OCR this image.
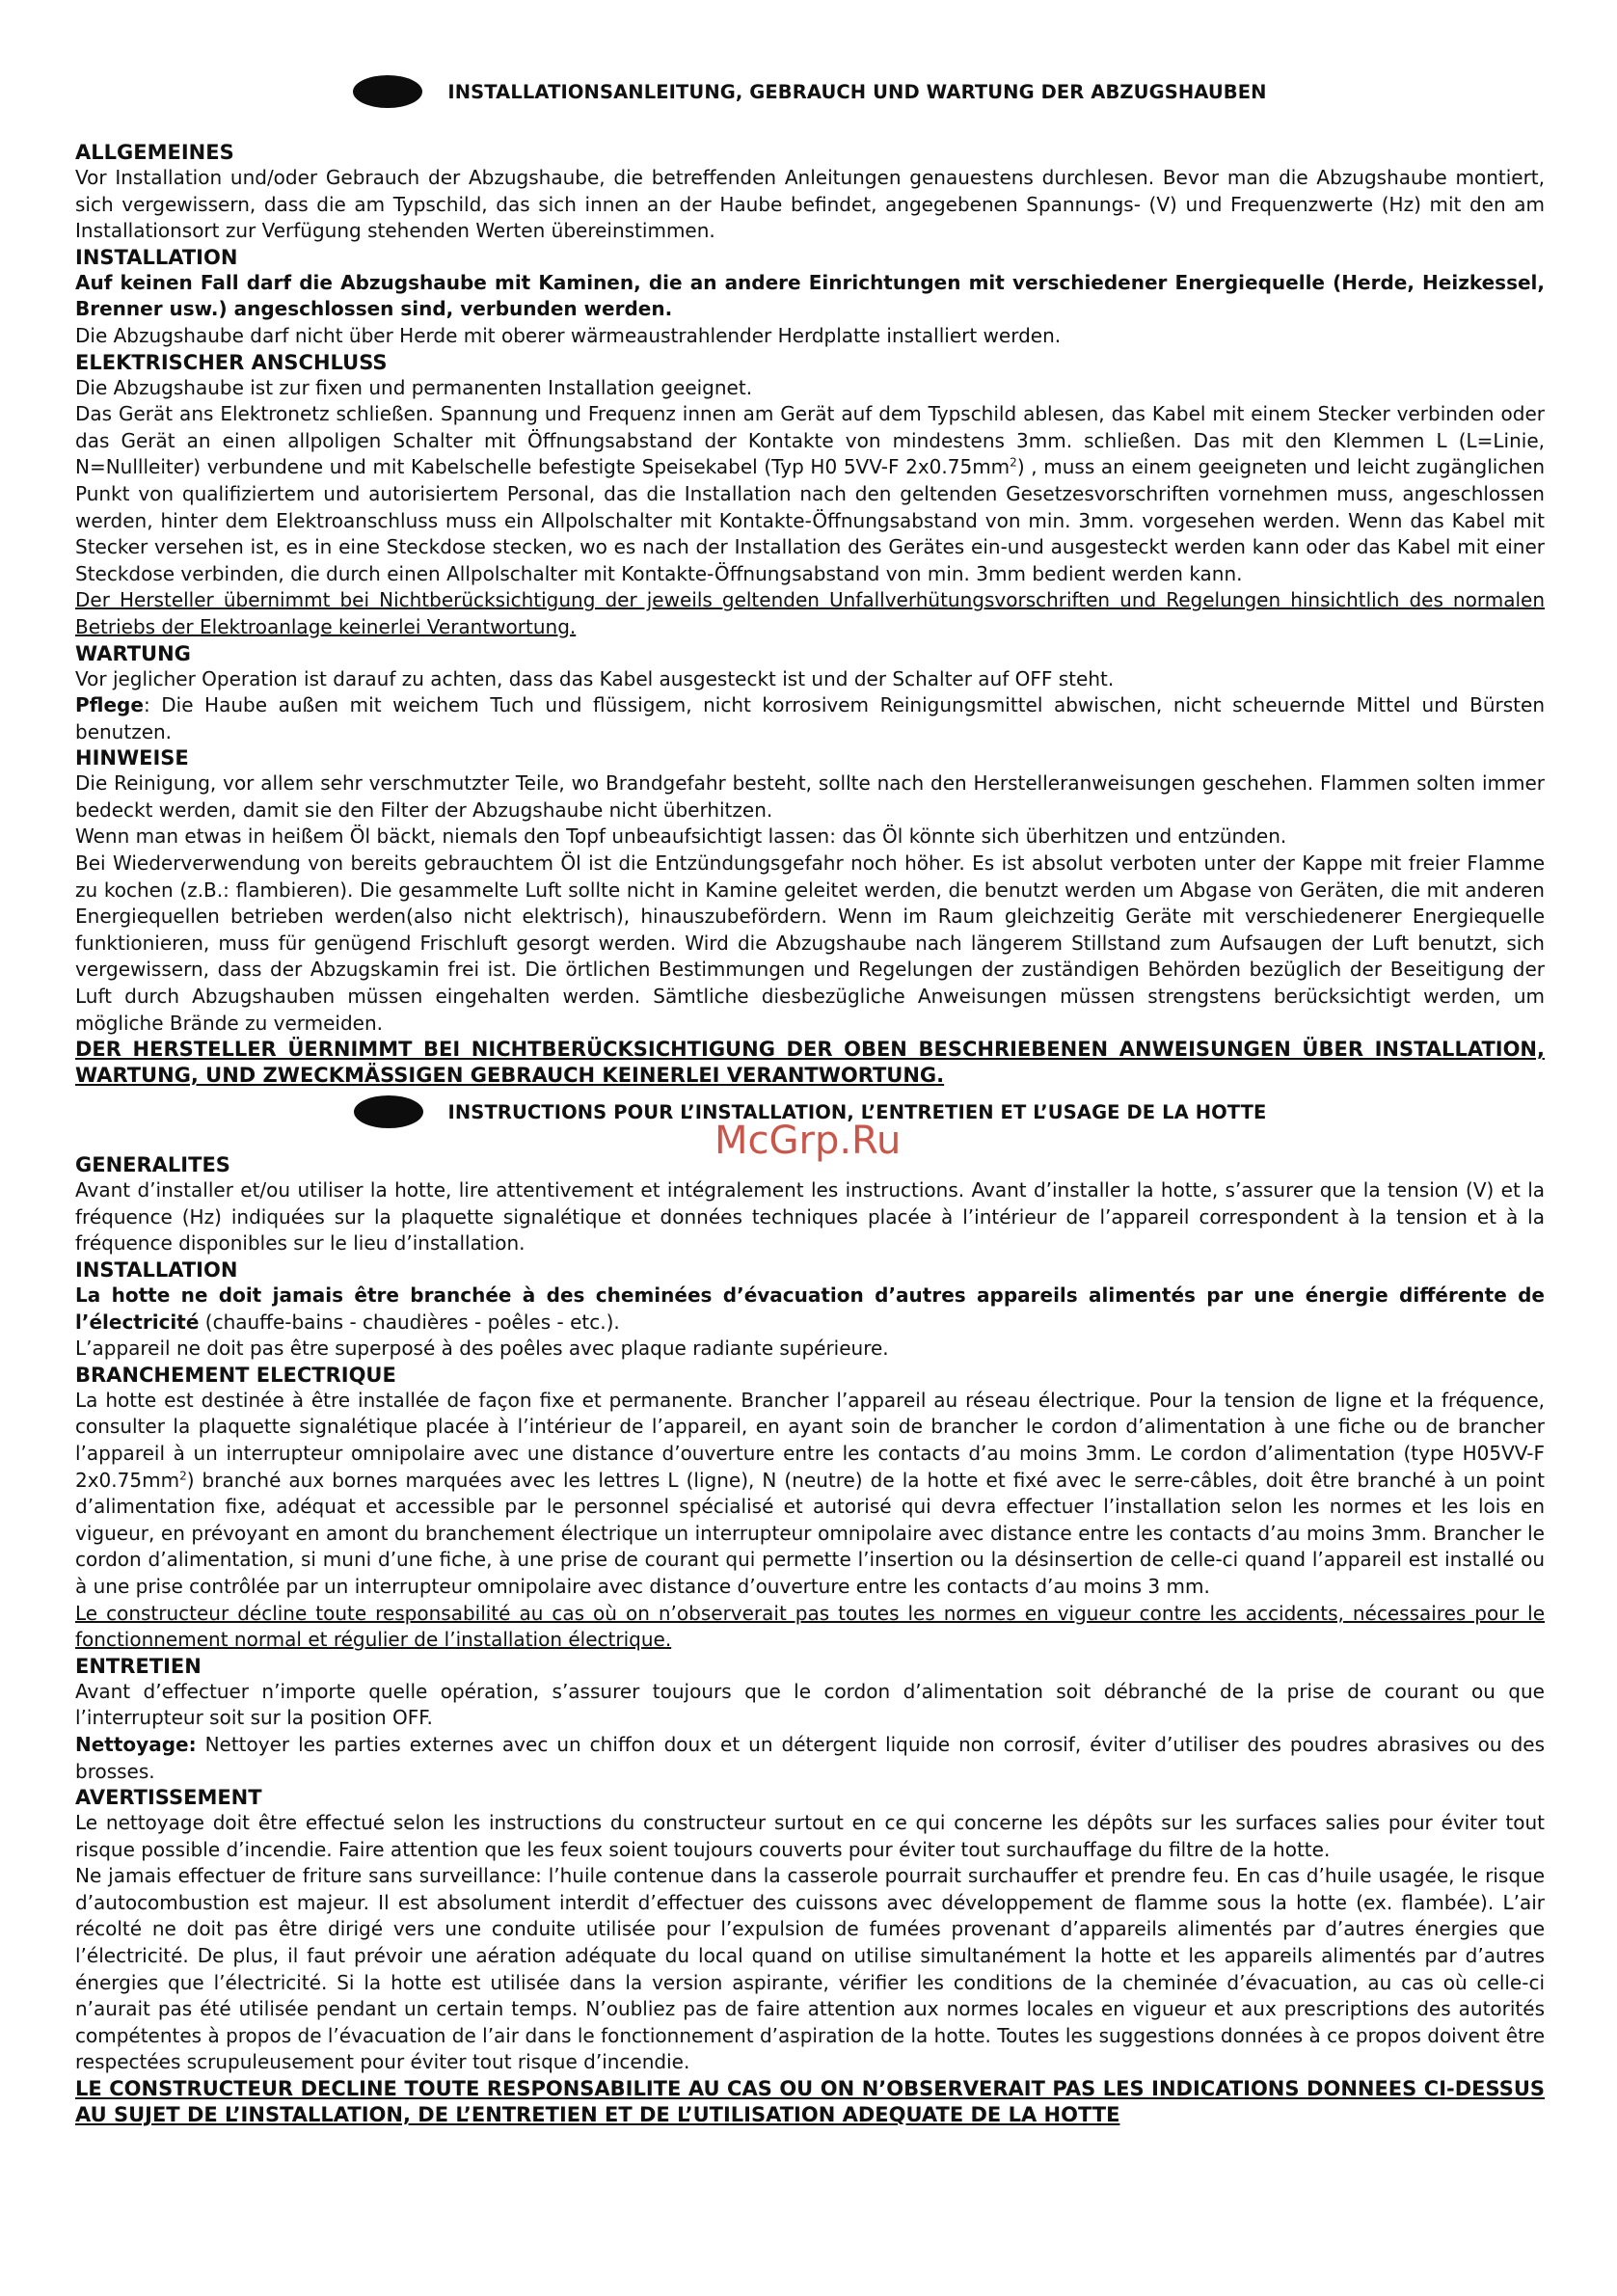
INSTALLATIONSANLEITUNG, GEBRAUCH UND WARTUNG DER ABZUGSHAUBEN
ALLGEMEINES

Vor Installation und/oder Gebrauch der Abzugshaube, die betreffenden Anleitungen genauestens durchlesen. Bevor man die Abzugshaube montiert, sich vergewissern, dass die am Typschild, das sich innen an der Haube befindet, angegebenen Spannungs- (V) und Frequenzwerte (Hz) mit den am Installationsort zur Verfügung stehenden Werten übereinstimmen.

INSTALLATION

Auf keinen Fall darf die Abzugshaube mit Kaminen, die an andere Einrichtungen mit verschiedener Energiequelle (Herde, Heizkessel, Brenner usw.) angeschlossen sind, verbunden werden.

Die Abzugshaube darf nicht über Herde mit oberer wärmeaustrahlender Herdplatte installiert werden.

ELEKTRISCHER ANSCHLUSS

Die Abzugshaube ist zur fixen und permanenten Installation geeignet.

Das Gerät ans Elektronetz schließen. Spannung und Frequenz innen am Gerät auf dem Typschild ablesen, das Kabel mit einem Stecker verbinden oder das Gerät an einen allpoligen Schalter mit Öffnungsabstand der Kontakte von mindestens 3mm. schließen. Das mit den Klemmen L (L=Linie, N=Nullleiter) verbundene und mit Kabelschelle befestigte Speisekabel (Typ H0 5VV-F $2x0.75mm^2$) , muss an einem geeigneten und leicht zugänglichen Punkt von qualifiziertem und autorisiertem Personal, das die Installation nach den geltenden Gesetzesvorschriften vornehmen muss, angeschlossen werden, hinter dem Elektroanschluss muss ein Allpolschalter mit Kontakte-Öffnungsabstand von min. 3mm. vorgesehen werden. Wenn das Kabel mit Stecker versehen ist, es in eine Steckdose stecken, wo es nach der Installation des Gerätes ein-und ausgesteckt werden kann oder das Kabel mit einer Steckdose verbinden, die durch einen Allpolschalter mit Kontakte-Öffnungsabstand von min. 3mm bedient werden kann.

Der Hersteller übernimmt bei Nichtberücksichtigung der jeweils geltenden Unfallverhütungsvorschriften und Regelungen hinsichtlich des normalen Betriebs der Elektroanlage keinerlei Verantwortung.

WARTUNG

Vor jeglicher Operation ist darauf zu achten, dass das Kabel ausgesteckt ist und der Schalter auf OFF steht.

Pflege: Die Haube außen mit weichem Tuch und flüssigem, nicht korrosivem Reinigungsmittel abwischen, nicht scheuernde Mittel und Bürsten benutzen.

HINWEISE

Die Reinigung, vor allem sehr verschmutzter Teile, wo Brandgefahr besteht, sollte nach den Herstelleranweisungen geschehen. Flammen solten immer bedeckt werden, damit sie den Filter der Abzugshaube nicht überhitzen.

Wenn man etwas in heißem Öl bäckt, niemals den Topf unbeaufsichtigt lassen: das Öl könnte sich überhitzen und entzünden.

Bei Wiederverwendung von bereits gebrauchtem Öl ist die Entzündungsgefahr noch höher. Es ist absolut verboten unter der Kappe mit freier Flamme zu kochen (z.B.: flambieren). Die gesammelte Luft sollte nicht in Kamine geleitet werden, die benutzt werden um Abgase von Geräten, die mit anderen Energiequellen betrieben werden(also nicht elektrisch), hinauszubefördern. Wenn im Raum gleichzeitig Geräte mit verschiedenerer Energiequelle funktionieren, muss für genügend Frischluft gesorgt werden. Wird die Abzugshaube nach längerem Stillstand zum Aufsaugen der Luft benutzt, sich vergewissern, dass der Abzugskamin frei ist. Die örtlichen Bestimmungen und Regelungen der zuständigen Behörden bezüglich der Beseitigung der Luft durch Abzugshauben müssen eingehalten werden. Sämtliche diesbezügliche Anweisungen müssen strengstens berücksichtigt werden, um mögliche Brände zu vermeiden.

DER HERSTELLER ÜERNIMMT BEI NICHTBERÜCKSICHTIGUNG DER OBEN BESCHRIEBENEN ANWEISUNGEN ÜBER INSTALLATION, WARTUNG, UND ZWECKMÄSSIGEN GEBRAUCH KEINERLEI VERANTWORTUNG.

INSTRUCTIONS POUR L’INSTALLATION, L’ENTRETIEN ET L’USAGE DE LA HOTTE
GENERALITES

Avant d’installer et/ou utiliser la hotte, lire attentivement et intégralement les instructions. Avant d’installer la hotte, s’assurer que la tension (V) et la fréquence (Hz) indiquées sur la plaquette signalétique et données techniques placée à l’intérieur de l’appareil correspondent à la tension et à la fréquence disponibles sur le lieu d’installation.

INSTALLATION

La hotte ne doit jamais être branchée à des cheminées d’évacuation d’autres appareils alimentés par une énergie différente de l’électricité (chauffe-bains - chaudières - poêles - etc.).

L’appareil ne doit pas être superposé à des poêles avec plaque radiante supérieure.

BRANCHEMENT ELECTRIQUE

La hotte est destinée à être installée de façon fixe et permanente. Brancher l’appareil au réseau électrique. Pour la tension de ligne et la fréquence, consulter la plaquette signalétique placée à l’intérieur de l’appareil, en ayant soin de brancher le cordon d’alimentation à une fiche ou de brancher l’appareil à un interrupteur omnipolaire avec une distance d’ouverture entre les contacts d’au moins 3mm. Le cordon d’alimentation (type H05VV-F $2x0.75mm^2$) branché aux bornes marquées avec les lettres L (ligne), N (neutre) de la hotte et fixé avec le serre-câbles, doit être branché à un point d’alimentation fixe, adéquat et accessible par le personnel spécialisé et autorisé qui devra effectuer l’installation selon les normes et les lois en vigueur, en prévoyant en amont du branchement électrique un interrupteur omnipolaire avec distance entre les contacts d’au moins 3mm. Brancher le cordon d’alimentation, si muni d’une fiche, à une prise de courant qui permette l’insertion ou la désinsertion de celle-ci quand l’appareil est installé ou à une prise contrôlée par un interrupteur omnipolaire avec distance d’ouverture entre les contacts d’au moins 3 mm.

Le constructeur décline toute responsabilité au cas où on n’observerait pas toutes les normes en vigueur contre les accidents, nécessaires pour le fonctionnement normal et régulier de l’installation électrique.

ENTRETIEN

Avant d’effectuer n’importe quelle opération, s’assurer toujours que le cordon d’alimentation soit débranché de la prise de courant ou que l’interrupteur soit sur la position OFF.

Nettoyage: Nettoyer les parties externes avec un chiffon doux et un détergent liquide non corrosif, éviter d’utiliser des poudres abrasives ou des brosses.

AVERTISSEMENT

Le nettoyage doit être effectué selon les instructions du constructeur surtout en ce qui concerne les dépôts sur les surfaces salies pour éviter tout risque possible d’incendie. Faire attention que les feux soient toujours couverts pour éviter tout surchauffage du filtre de la hotte.

Ne jamais effectuer de friture sans surveillance: l’huile contenue dans la casserole pourrait surchauffer et prendre feu. En cas d’huile usagée, le risque d’autocombustion est majeur. Il est absolument interdit d’effectuer des cuissons avec développement de flamme sous la hotte (ex. flambée). L’air récolté ne doit pas être dirigé vers une conduite utilisée pour l’expulsion de fumées provenant d’appareils alimentés par d’autres énergies que l’électricité. De plus, il faut prévoir une aération adéquate du local quand on utilise simultanément la hotte et les appareils alimentés par d’autres énergies que l’électricité. Si la hotte est utilisée dans la version aspirante, vérifier les conditions de la cheminée d’évacuation, au cas où celle-ci n’aurait pas été utilisée pendant un certain temps. N’oubliez pas de faire attention aux normes locales en vigueur et aux prescriptions des autorités compétentes à propos de l’évacuation de l’air dans le fonctionnement d’aspiration de la hotte. Toutes les suggestions données à ce propos doivent être respectées scrupuleusement pour éviter tout risque d’incendie.

LE CONSTRUCTEUR DECLINE TOUTE RESPONSABILITE AU CAS OU ON N’OBSERVERAIT PAS LES INDICATIONS DONNEES CI-DESSUS AU SUJET DE L’INSTALLATION, DE L’ENTRETIEN ET DE L’UTILISATION ADEQUATE DE LA HOTTE

McGrp.Ru
